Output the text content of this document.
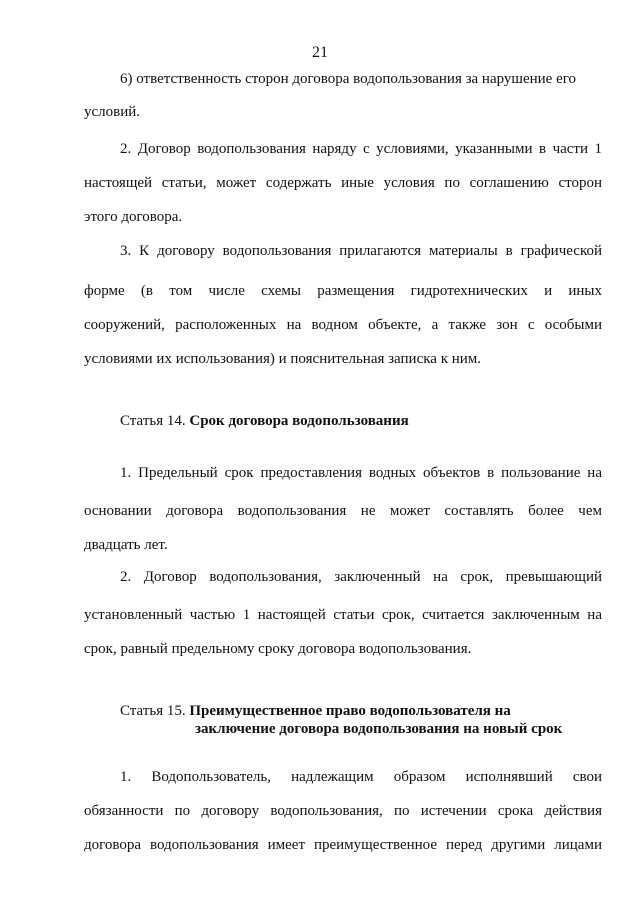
21
6) ответственность сторон договора водопользования за нарушение его
условий.
2. Договор водопользования наряду с условиями, указанными в части 1
настоящей статьи, может содержать иные условия по соглашению сторон
этого договора.
3. К договору водопользования прилагаются материалы в графической
форме (в том числе схемы размещения гидротехнических и иных
сооружений, расположенных на водном объекте, а также зон с особыми
условиями их использования) и пояснительная записка к ним.
Статья 14. Срок договора водопользования
1. Предельный срок предоставления водных объектов в пользование на
основании договора водопользования не может составлять более чем
двадцать лет.
2. Договор водопользования, заключенный на срок, превышающий
установленный частью 1 настоящей статьи срок, считается заключенным на
срок, равный предельному сроку договора водопользования.
Статья 15. Преимущественное право водопользователя на
заключение договора водопользования на новый срок
1. Водопользователь, надлежащим образом исполнявший свои
обязанности по договору водопользования, по истечении срока действия
договора водопользования имеет преимущественное перед другими лицами
